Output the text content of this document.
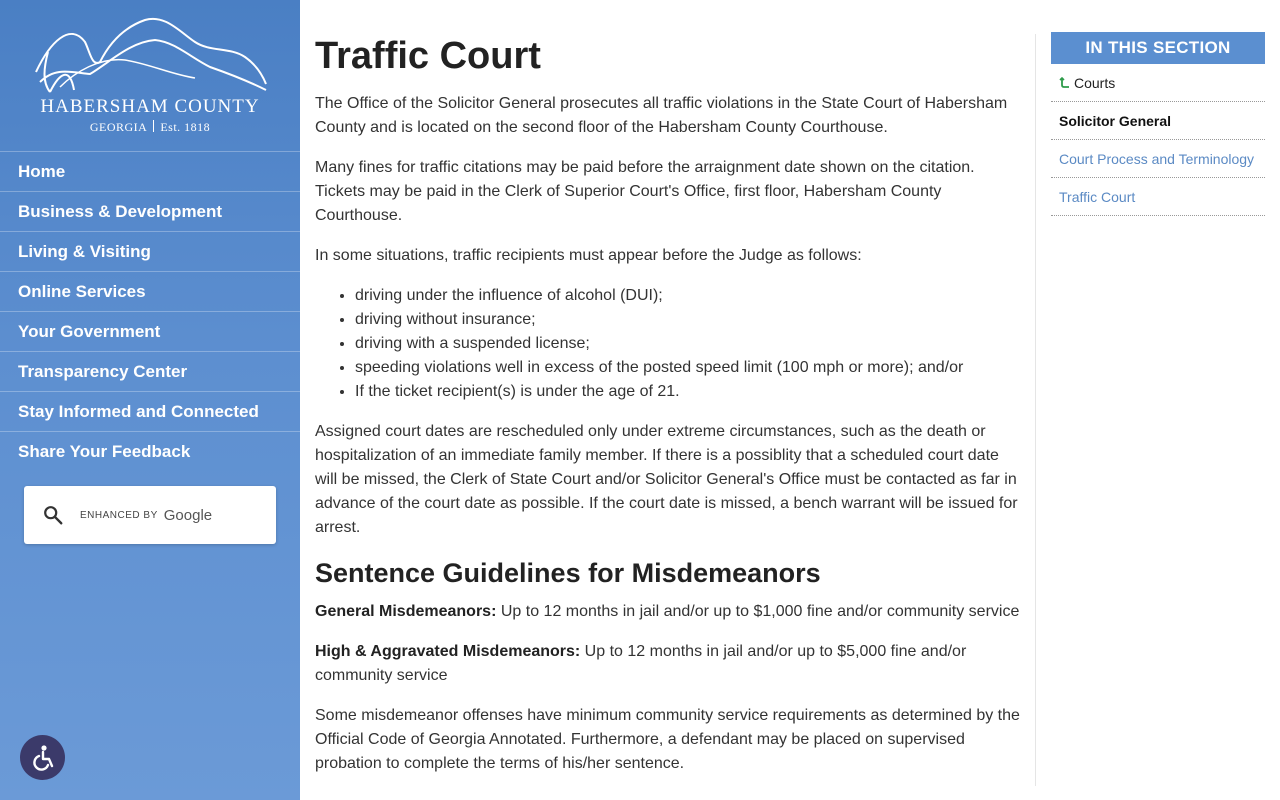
HABERSHAM COUNTY
GEORGIA Est. 1818
Home
Business & Development
Living & Visiting
Online Services
Your Government
Transparency Center
Stay Informed and Connected
Share Your Feedback
ENHANCED BY Google
Traffic Court

The Office of the Solicitor General prosecutes all traffic violations in the State Court of Habersham County and is located on the second floor of the Habersham County Courthouse.

Many fines for traffic citations may be paid before the arraignment date shown on the citation. Tickets may be paid in the Clerk of Superior Court's Office, first floor, Habersham County Courthouse.

In some situations, traffic recipients must appear before the Judge as follows:

• driving under the influence of alcohol (DUI);
• driving without insurance;
• driving with a suspended license;
• speeding violations well in excess of the posted speed limit (100 mph or more); and/or
• If the ticket recipient(s) is under the age of 21.

Assigned court dates are rescheduled only under extreme circumstances, such as the death or hospitalization of an immediate family member. If there is a possiblity that a scheduled court date will be missed, the Clerk of State Court and/or Solicitor General's Office must be contacted as far in advance of the court date as possible. If the court date is missed, a bench warrant will be issued for arrest.

Sentence Guidelines for Misdemeanors

General Misdemeanors: Up to 12 months in jail and/or up to $1,000 fine and/or community service

High & Aggravated Misdemeanors: Up to 12 months in jail and/or up to $5,000 fine and/or community service

Some misdemeanor offenses have minimum community service requirements as determined by the Official Code of Georgia Annotated. Furthermore, a defendant may be placed on supervised probation to complete the terms of his/her sentence.

IN THIS SECTION
Courts
Solicitor General
Court Process and Terminology
Traffic Court
